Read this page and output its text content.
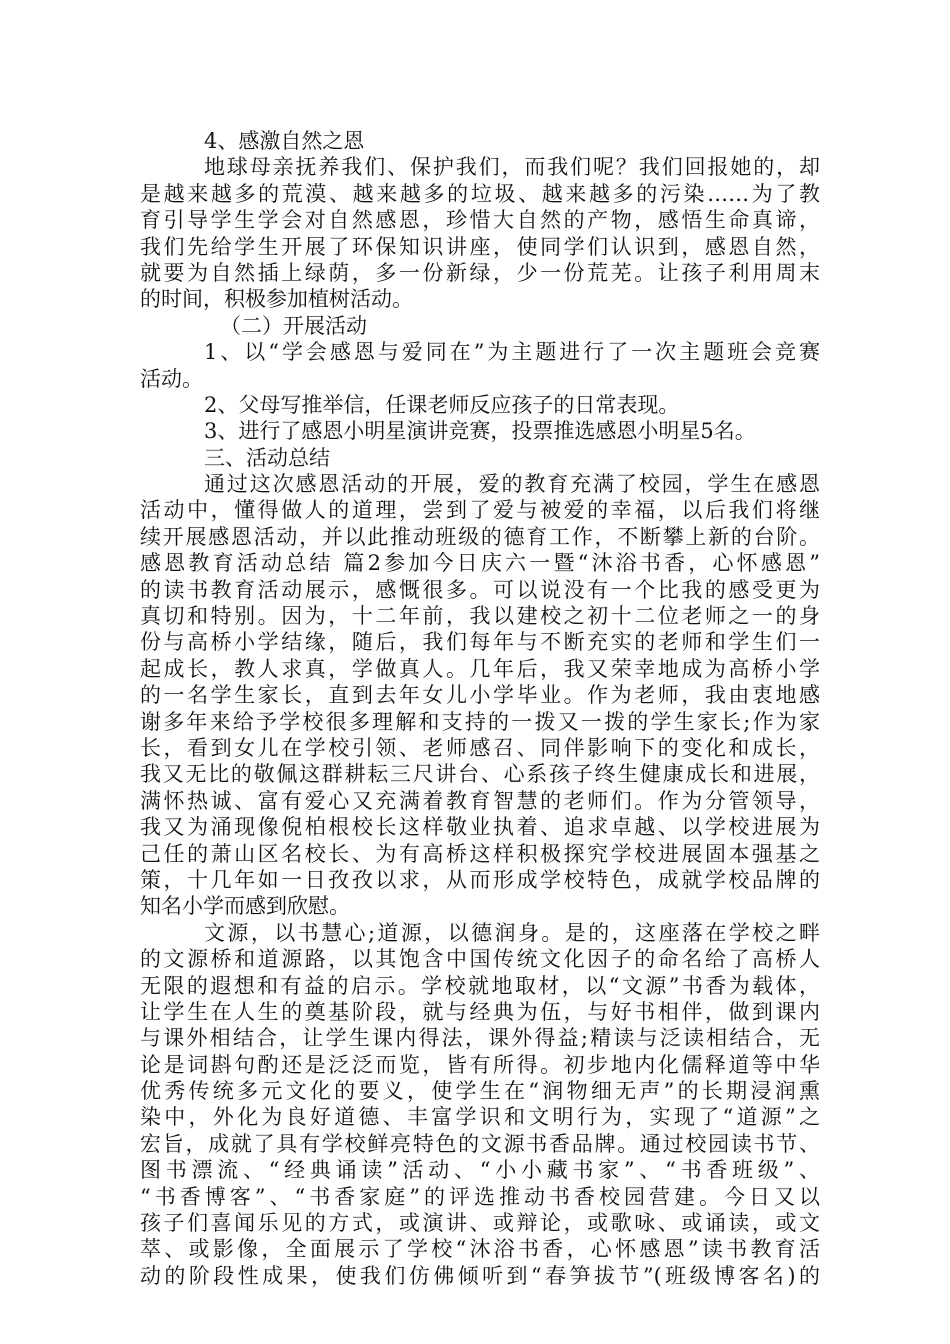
4、感激自然之恩
地球母亲抚养我们、保护我们，而我们呢？我们回报她的，却
是越来越多的荒漠、越来越多的垃圾、越来越多的污染……为了教
育引导学生学会对自然感恩，珍惜大自然的产物，感悟生命真谛，
我们先给学生开展了环保知识讲座，使同学们认识到，感恩自然，
就要为自然插上绿荫，多一份新绿，少一份荒芜。让孩子利用周末
的时间，积极参加植树活动。
（二）开展活动
1、以“学会感恩与爱同在”为主题进行了一次主题班会竞赛
活动。
2、父母写推举信，任课老师反应孩子的日常表现。
3、进行了感恩小明星演讲竞赛，投票推选感恩小明星5名。
三、活动总结
通过这次感恩活动的开展，爱的教育充满了校园，学生在感恩
活动中，懂得做人的道理，尝到了爱与被爱的幸福，以后我们将继
续开展感恩活动，并以此推动班级的德育工作，不断攀上新的台阶。
感恩教育活动总结 篇2参加今日庆六一暨“沐浴书香，心怀感恩”
的读书教育活动展示，感慨很多。可以说没有一个比我的感受更为
真切和特别。因为，十二年前，我以建校之初十二位老师之一的身
份与高桥小学结缘，随后，我们每年与不断充实的老师和学生们一
起成长，教人求真，学做真人。几年后，我又荣幸地成为高桥小学
的一名学生家长，直到去年女儿小学毕业。作为老师，我由衷地感
谢多年来给予学校很多理解和支持的一拨又一拨的学生家长;作为家
长，看到女儿在学校引领、老师感召、同伴影响下的变化和成长，
我又无比的敬佩这群耕耘三尺讲台、心系孩子终生健康成长和进展，
满怀热诚、富有爱心又充满着教育智慧的老师们。作为分管领导，
我又为涌现像倪柏根校长这样敬业执着、追求卓越、以学校进展为
己任的萧山区名校长、为有高桥这样积极探究学校进展固本强基之
策，十几年如一日孜孜以求，从而形成学校特色，成就学校品牌的
知名小学而感到欣慰。
文源，以书慧心;道源，以德润身。是的，这座落在学校之畔
的文源桥和道源路，以其饱含中国传统文化因子的命名给了高桥人
无限的遐想和有益的启示。学校就地取材，以“文源”书香为载体，
让学生在人生的奠基阶段，就与经典为伍，与好书相伴，做到课内
与课外相结合，让学生课内得法，课外得益;精读与泛读相结合，无
论是词斟句酌还是泛泛而览，皆有所得。初步地内化儒释道等中华
优秀传统多元文化的要义，使学生在“润物细无声”的长期浸润熏
染中，外化为良好道德、丰富学识和文明行为，实现了“道源”之
宏旨，成就了具有学校鲜亮特色的文源书香品牌。通过校园读书节、
图书漂流、“经典诵读”活动、“小小藏书家”、“书香班级”、
“书香博客”、“书香家庭”的评选推动书香校园营建。今日又以
孩子们喜闻乐见的方式，或演讲、或辩论，或歌咏、或诵读，或文
萃、或影像，全面展示了学校“沐浴书香，心怀感恩”读书教育活
动的阶段性成果，使我们仿佛倾听到“春笋拔节”(班级博客名)的
